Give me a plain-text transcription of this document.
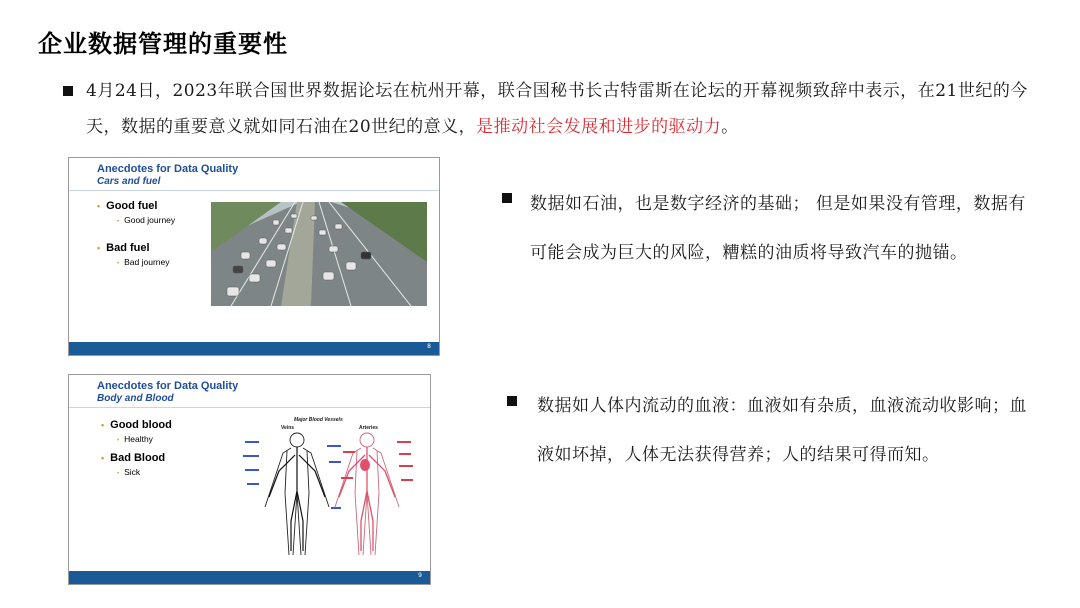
企业数据管理的重要性
4月24日，2023年联合国世界数据论坛在杭州开幕，联合国秘书长古特雷斯在论坛的开幕视频致辞中表示，在21世纪的今天，数据的重要意义就如同石油在20世纪的意义，是推动社会发展和进步的驱动力。
Anecdotes for Data Quality
Cars and fuel
• Good fuel
• Good journey
• Bad fuel
• Bad journey
8
数据如石油，也是数字经济的基础； 但是如果没有管理，数据有可能会成为巨大的风险，糟糕的油质将导致汽车的抛锚。
Anecdotes for Data Quality
Body and Blood
• Good blood
• Healthy
• Bad Blood
• Sick
Major Blood Vessels
Veins	Arteries
9
数据如人体内流动的血液：血液如有杂质，血液流动收影响；血液如坏掉，人体无法获得营养；人的结果可得而知。
